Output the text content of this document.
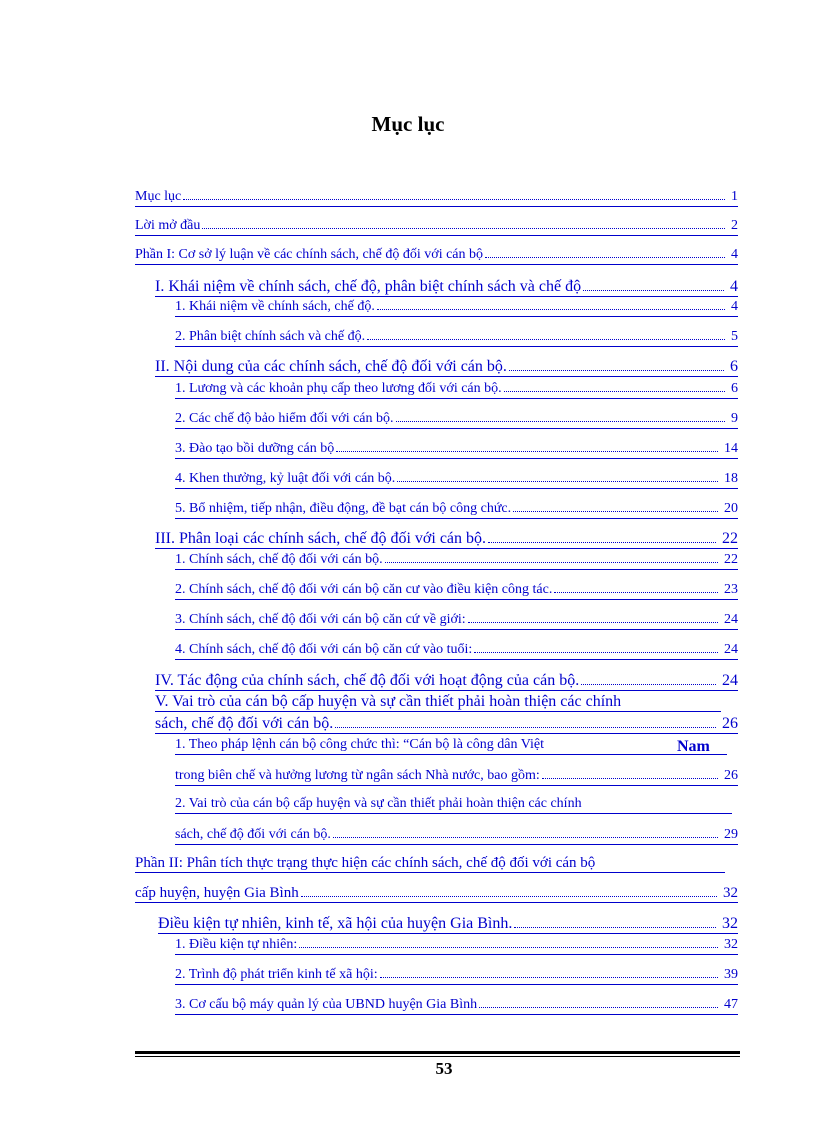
Mục lục
Mục lục	1
Lời mở đầu	2
Phần I: Cơ sở lý luận về các chính sách, chế độ đối với cán bộ	4
I. Khái niệm về chính sách, chế độ, phân biệt chính sách và chế độ	4
1. Khái niệm về chính sách, chế độ.	4
2. Phân biệt chính sách và chế độ.	5
II. Nội dung của các chính sách, chế độ đối với cán bộ.	6
1. Lương và các khoản phụ cấp theo lương đối với cán bộ.	6
2. Các chế độ bảo hiểm đối với cán bộ.	9
3. Đào tạo bồi dưỡng cán bộ	14
4. Khen thưởng, kỷ luật đối với cán bộ.	18
5. Bổ nhiệm, tiếp nhận, điều động, đề bạt cán bộ công chức.	20
III. Phân loại các chính sách, chế độ đối với cán bộ.	22
1. Chính sách, chế độ đối với cán bộ.	22
2. Chính sách, chế độ đối với cán bộ căn cư vào điều kiện công tác.	23
3. Chính sách, chế độ đối với cán bộ căn cứ về giới:	24
4. Chính sách, chế độ đối với cán bộ căn cứ vào tuổi:	24
IV. Tác động của chính sách, chế độ đối với hoạt động của cán bộ.	24
V. Vai trò của cán bộ cấp huyện và sự cần thiết phải hoàn thiện các chính
sách, chế độ đối với cán bộ.	26
1. Theo pháp lệnh cán bộ công chức thì: “Cán bộ là công dân Việt	Nam
trong biên chế và hưởng lương từ ngân sách Nhà nước, bao gồm:	26
2. Vai trò của cán bộ cấp huyện và sự cần thiết phải hoàn thiện các chính
sách, chế độ đối với cán bộ.	29
Phần II: Phân tích thực trạng thực hiện các chính sách, chế độ đối với cán bộ
cấp huyện, huyện Gia Bình	32
Điều kiện tự nhiên, kinh tế, xã hội của huyện Gia Bình.	32
1. Điều kiện tự nhiên:	32
2. Trình độ phát triển kinh tế xã hội:	39
3. Cơ cấu bộ máy quản lý của UBND huyện Gia Bình	47
53
